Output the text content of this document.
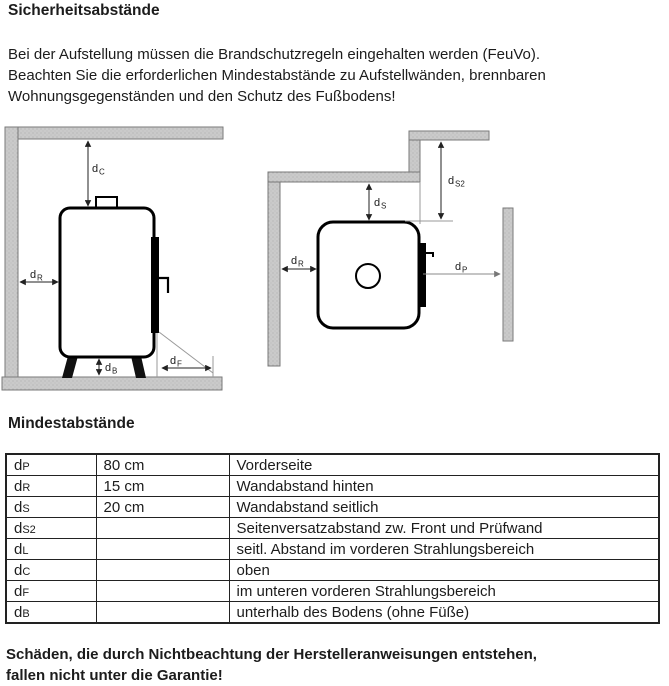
Sicherheitsabstände
Bei der Aufstellung müssen die Brandschutzregeln eingehalten werden (FeuVo).
Beachten Sie die erforderlichen Mindestabstände zu Aufstellwänden, brennbaren
Wohnungsgegenständen und den Schutz des Fußbodens!
d C
d R
d B
d F
d S
d S2
d R	d P
Mindestabstände
dP	80 cm	Vorderseite
dR	15 cm	Wandabstand hinten
dS	20 cm	Wandabstand seitlich
dS2		Seitenversatzabstand zw. Front und Prüfwand
dL		seitl. Abstand im vorderen Strahlungsbereich
dC		oben
dF		im unteren vorderen Strahlungsbereich
dB		unterhalb des Bodens (ohne Füße)
Schäden, die durch Nichtbeachtung der Herstelleranweisungen entstehen,
fallen nicht unter die Garantie!
